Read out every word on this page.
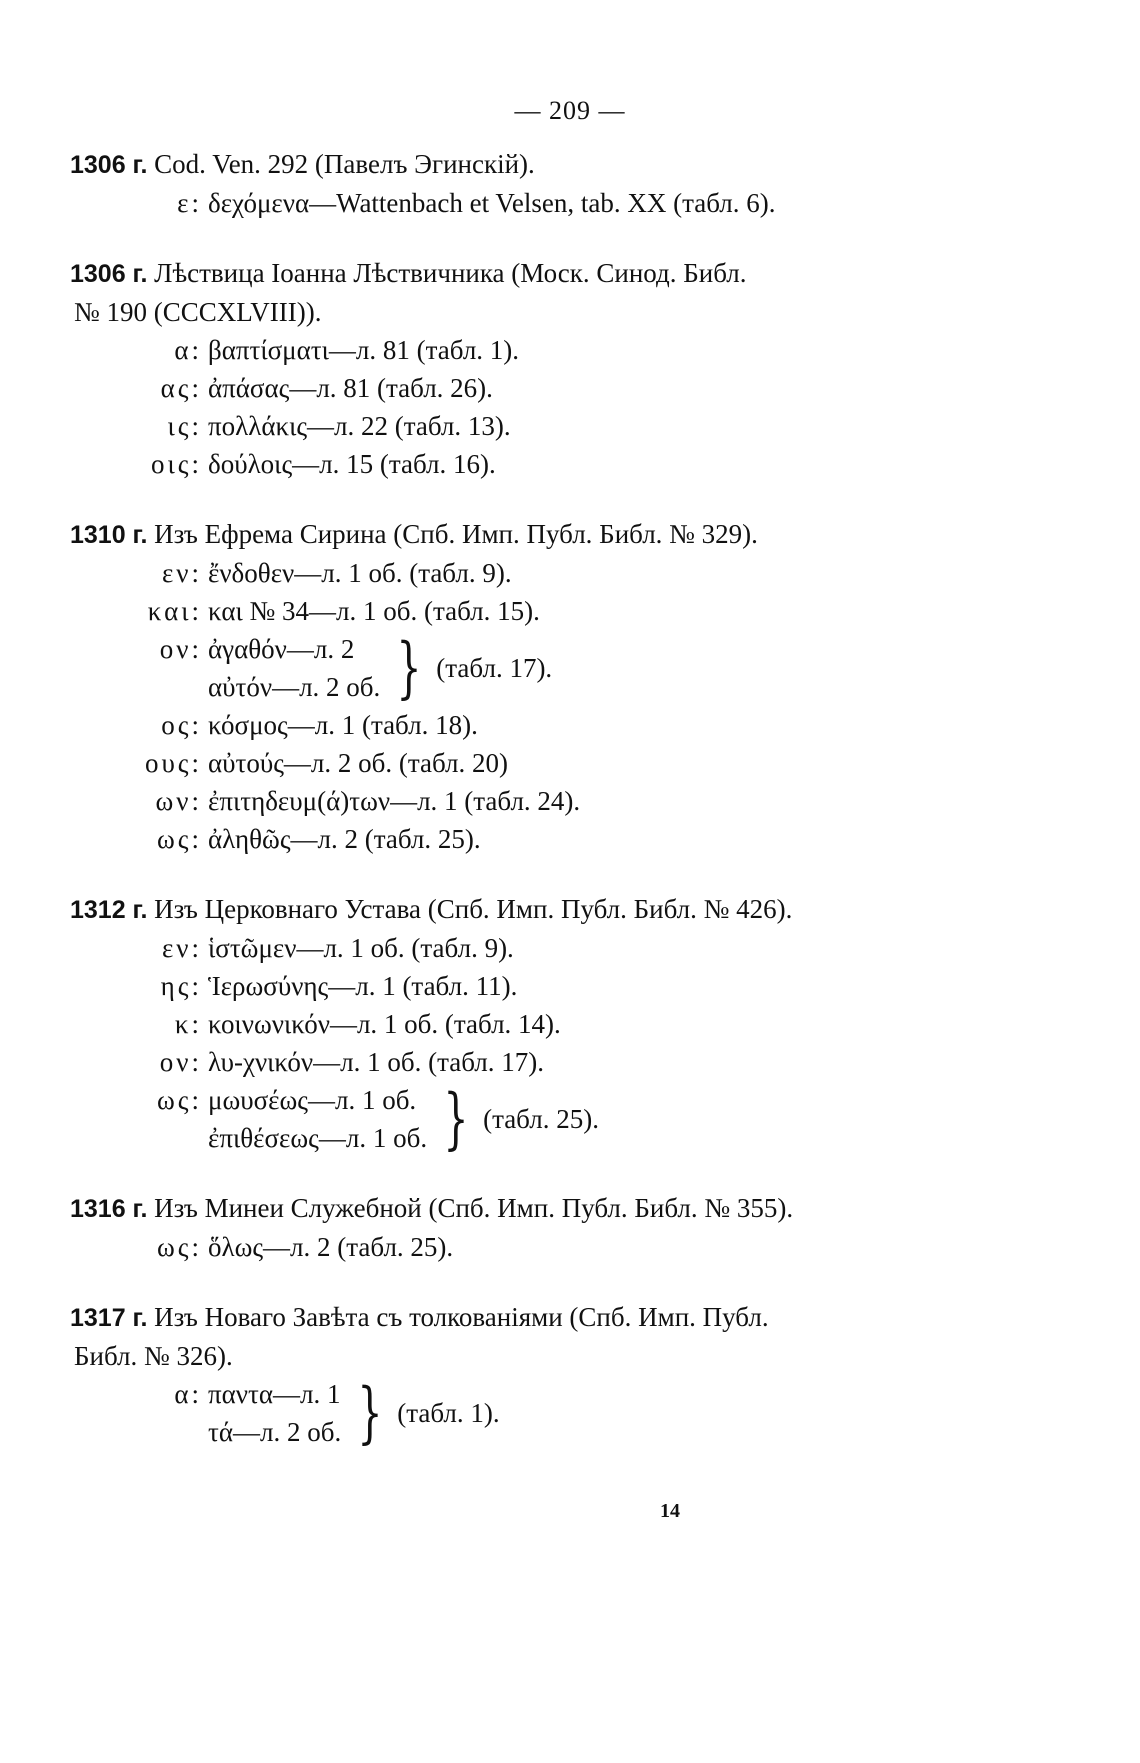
— 209 —
1306 г. Cod. Ven. 292 (Павелъ Эгинскій).
ε: δεχόμενα—Wattenbach et Velsen, tab. XX (табл. 6).
1306 г. Лѣствица Іоанна Лѣствичника (Моск. Синод. Библ.
№ 190 (CCCXLVIII)).
α: βαπτίσματι—л. 81 (табл. 1).
ας: ἀπάσας—л. 81 (табл. 26).
ις: πολλάκις—л. 22 (табл. 13).
οις: δούλοις—л. 15 (табл. 16).
1310 г. Изъ Ефрема Сирина (Спб. Имп. Публ. Библ. № 329).
εν: ἔνδοθεν—л. 1 об. (табл. 9).
και: και № 34—л. 1 об. (табл. 15).
ον: ἀγαθόν—л. 2
αὐτόν—л. 2 об. } (табл. 17).
ος: κόσμος—л. 1 (табл. 18).
ους: αὐτούς—л. 2 об. (табл. 20)
ων: ἐπιτηδευμ(ά)των—л. 1 (табл. 24).
ως: ἀληθῶς—л. 2 (табл. 25).
1312 г. Изъ Церковнаго Устава (Спб. Имп. Публ. Библ. № 426).
εν: ἱστῶμεν—л. 1 об. (табл. 9).
ης: Ἱερωσύνης—л. 1 (табл. 11).
κ: κοινωνικόν—л. 1 об. (табл. 14).
ον: λυ-χνικόν—л. 1 об. (табл. 17).
ως: μωυσέως—л. 1 об.
ἐπιθέσεως—л. 1 об. } (табл. 25).
1316 г. Изъ Минеи Служебной (Спб. Имп. Публ. Библ. № 355).
ως: ὅλως—л. 2 (табл. 25).
1317 г. Изъ Новаго Завѣта съ толкованіями (Спб. Имп. Публ.
Библ. № 326).
α: παντα—л. 1
τά—л. 2 об. } (табл. 1).
14
